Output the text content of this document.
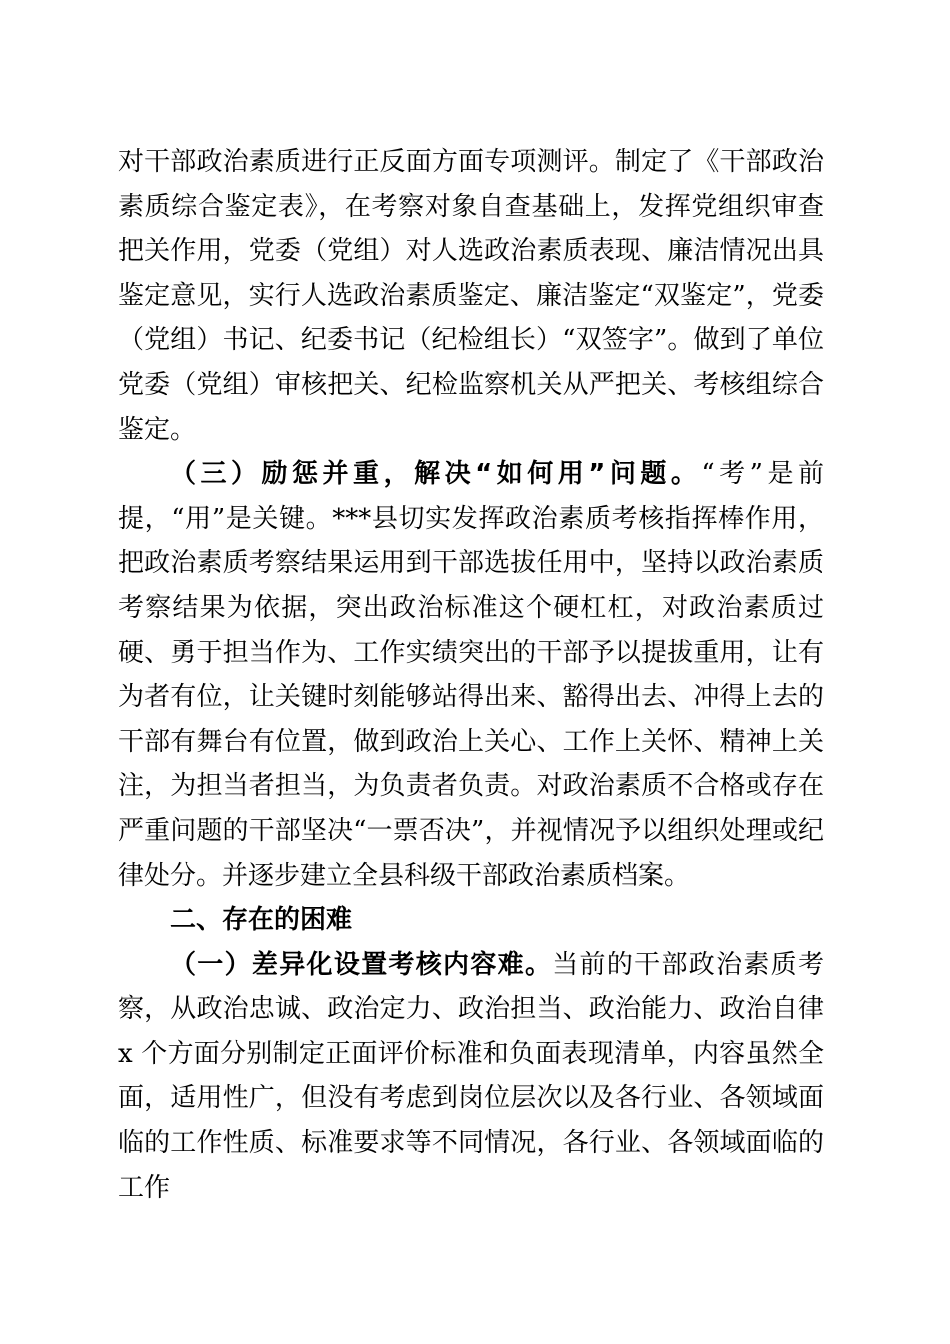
对干部政治素质进行正反面方面专项测评。制定了《干部政治素质综合鉴定表》，在考察对象自查基础上，发挥党组织审查把关作用，党委（党组）对人选政治素质表现、廉洁情况出具鉴定意见，实行人选政治素质鉴定、廉洁鉴定“双鉴定”，党委（党组）书记、纪委书记（纪检组长）“双签字”。做到了单位党委（党组）审核把关、纪检监察机关从严把关、考核组综合鉴定。

（三）励惩并重，解决“如何用”问题。“考”是前提，“用”是关键。***县切实发挥政治素质考核指挥棒作用，把政治素质考察结果运用到干部选拔任用中，坚持以政治素质考察结果为依据，突出政治标准这个硬杠杠，对政治素质过硬、勇于担当作为、工作实绩突出的干部予以提拔重用，让有为者有位，让关键时刻能够站得出来、豁得出去、冲得上去的干部有舞台有位置，做到政治上关心、工作上关怀、精神上关注，为担当者担当，为负责者负责。对政治素质不合格或存在严重问题的干部坚决“一票否决”，并视情况予以组织处理或纪律处分。并逐步建立全县科级干部政治素质档案。

二、存在的困难

（一）差异化设置考核内容难。当前的干部政治素质考察，从政治忠诚、政治定力、政治担当、政治能力、政治自律 x 个方面分别制定正面评价标准和负面表现清单，内容虽然全面，适用性广，但没有考虑到岗位层次以及各行业、各领域面临的工作性质、标准要求等不同情况，各行业、各领域面临的工作
